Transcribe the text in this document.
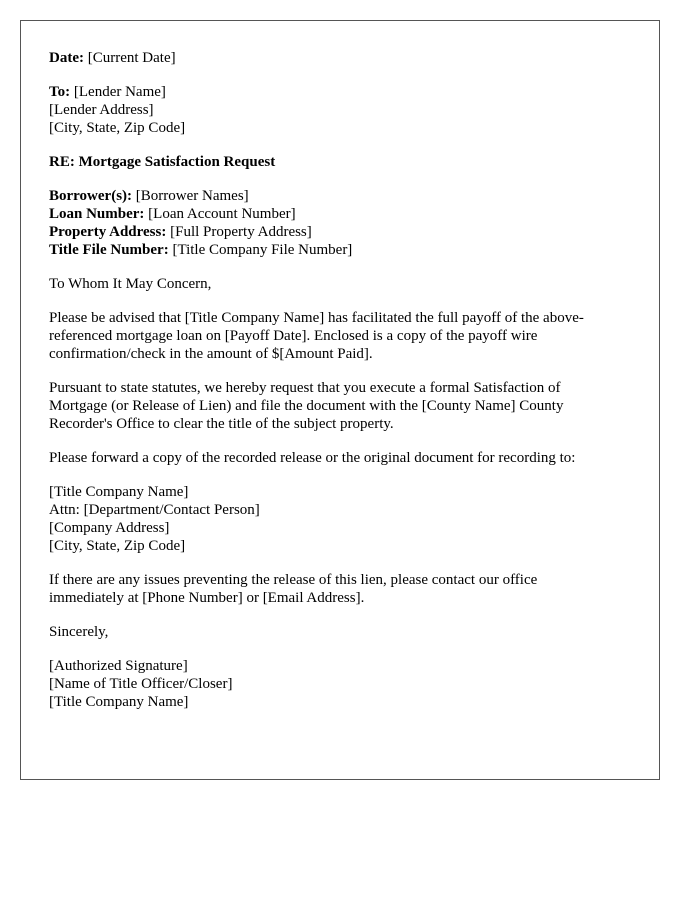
Date: [Current Date]
To: [Lender Name]
[Lender Address]
[City, State, Zip Code]
RE: Mortgage Satisfaction Request
Borrower(s): [Borrower Names]
Loan Number: [Loan Account Number]
Property Address: [Full Property Address]
Title File Number: [Title Company File Number]
To Whom It May Concern,
Please be advised that [Title Company Name] has facilitated the full payoff of the above-
referenced mortgage loan on [Payoff Date]. Enclosed is a copy of the payoff wire
confirmation/check in the amount of $[Amount Paid].
Pursuant to state statutes, we hereby request that you execute a formal Satisfaction of
Mortgage (or Release of Lien) and file the document with the [County Name] County
Recorder's Office to clear the title of the subject property.
Please forward a copy of the recorded release or the original document for recording to:
[Title Company Name]
Attn: [Department/Contact Person]
[Company Address]
[City, State, Zip Code]
If there are any issues preventing the release of this lien, please contact our office
immediately at [Phone Number] or [Email Address].
Sincerely,
[Authorized Signature]
[Name of Title Officer/Closer]
[Title Company Name]
